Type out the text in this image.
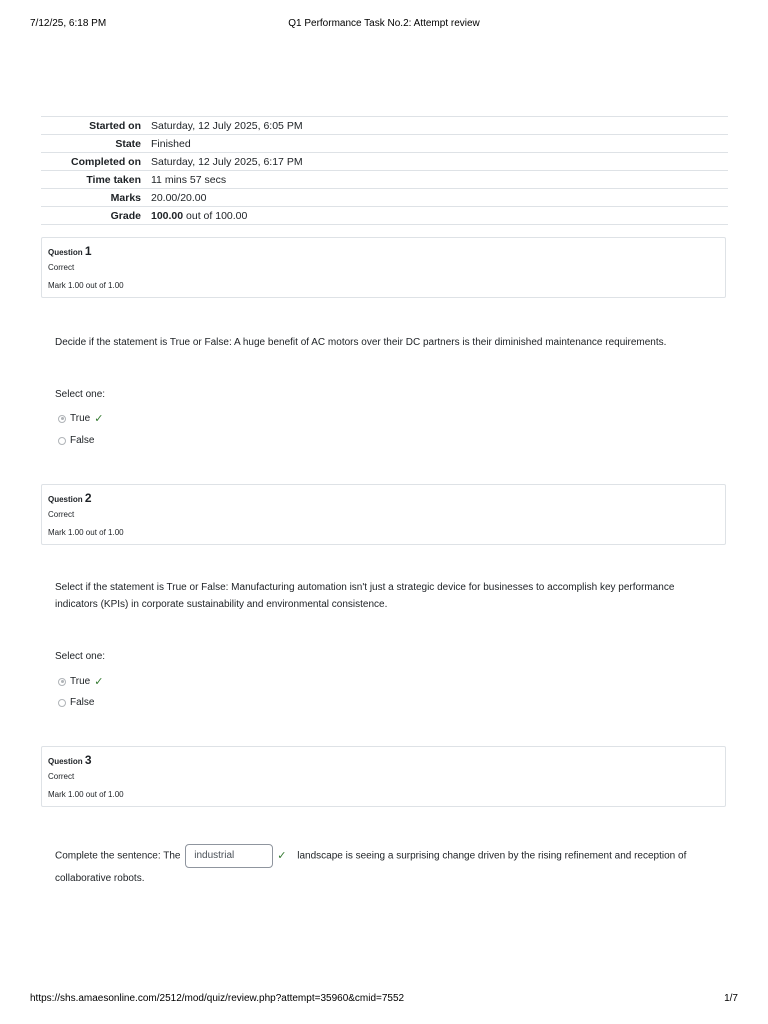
7/12/25, 6:18 PM	Q1 Performance Task No.2: Attempt review
Started on	Saturday, 12 July 2025, 6:05 PM
State	Finished
Completed on	Saturday, 12 July 2025, 6:17 PM
Time taken	11 mins 57 secs
Marks	20.00/20.00
Grade	100.00 out of 100.00
Question 1
Correct
Mark 1.00 out of 1.00
Decide if the statement is True or False: A huge benefit of AC motors over their DC partners is their diminished maintenance requirements.
Select one:
True ✓
False
Question 2
Correct
Mark 1.00 out of 1.00
Select if the statement is True or False: Manufacturing automation isn't just a strategic device for businesses to accomplish key performance indicators (KPIs) in corporate sustainability and environmental consistence.
Select one:
True ✓
False
Question 3
Correct
Mark 1.00 out of 1.00
Complete the sentence: The industrial	✓ landscape is seeing a surprising change driven by the rising refinement and reception of collaborative robots.
https://shs.amaesonline.com/2512/mod/quiz/review.php?attempt=35960&cmid=7552	1/7
